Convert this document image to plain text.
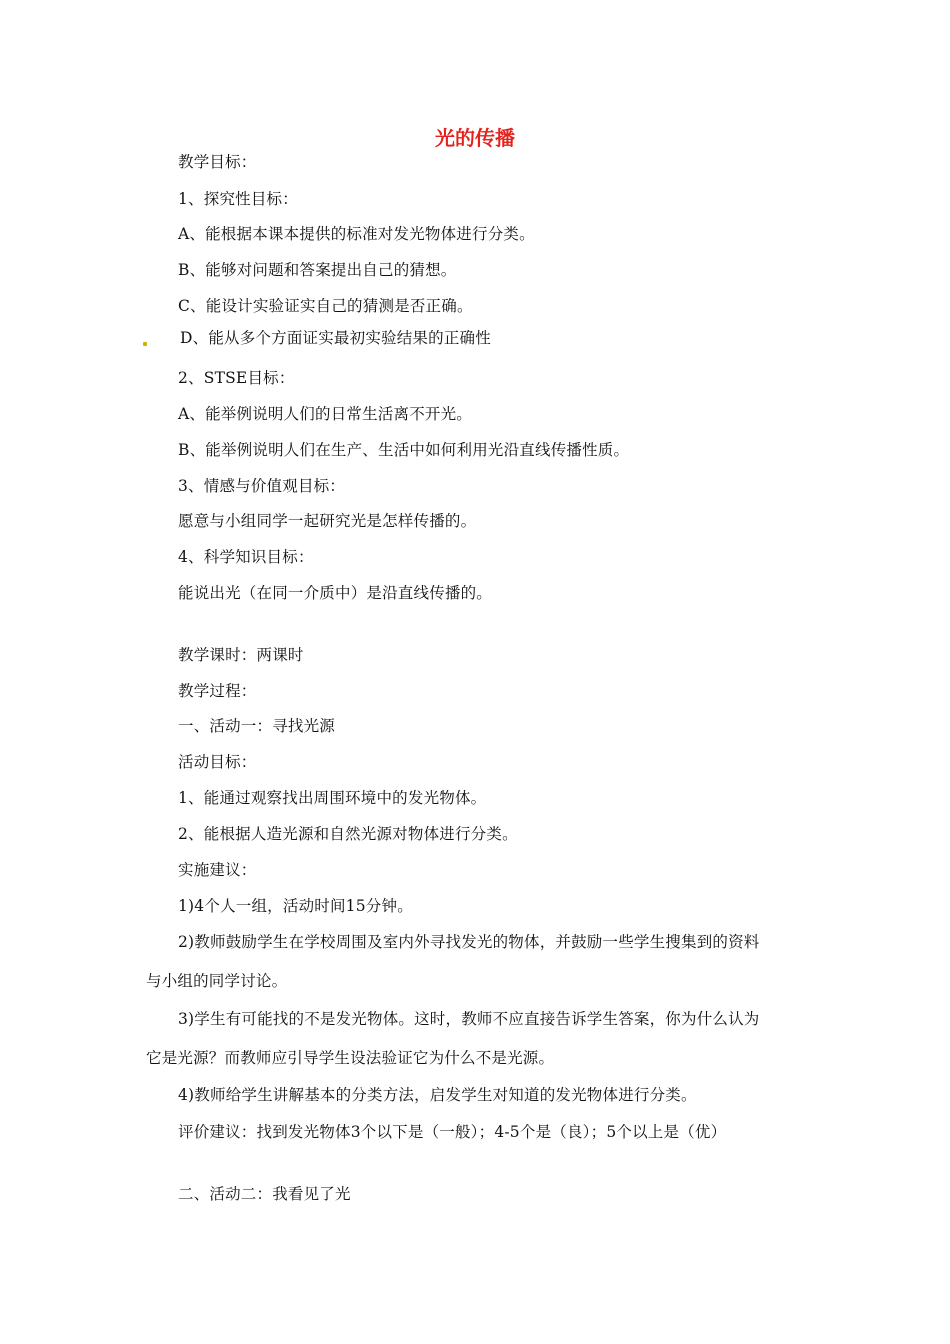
光的传播
教学目标：
1、探究性目标：
A、能根据本课本提供的标准对发光物体进行分类。
B、能够对问题和答案提出自己的猜想。
C、能设计实验证实自己的猜测是否正确。
D、能从多个方面证实最初实验结果的正确性
2、STSE目标：
A、能举例说明人们的日常生活离不开光。
B、能举例说明人们在生产、生活中如何利用光沿直线传播性质。
3、情感与价值观目标：
愿意与小组同学一起研究光是怎样传播的。
4、科学知识目标：
能说出光（在同一介质中）是沿直线传播的。
教学课时：两课时
教学过程：
一、活动一：寻找光源
活动目标：
1、能通过观察找出周围环境中的发光物体。
2、能根据人造光源和自然光源对物体进行分类。
实施建议：
1)4个人一组，活动时间15分钟。
2)教师鼓励学生在学校周围及室内外寻找发光的物体，并鼓励一些学生搜集到的资料
与小组的同学讨论。
3)学生有可能找的不是发光物体。这时，教师不应直接告诉学生答案，你为什么认为
它是光源？而教师应引导学生设法验证它为什么不是光源。
4)教师给学生讲解基本的分类方法，启发学生对知道的发光物体进行分类。
评价建议：找到发光物体3个以下是（一般）；4-5个是（良）；5个以上是（优）
二、活动二：我看见了光
